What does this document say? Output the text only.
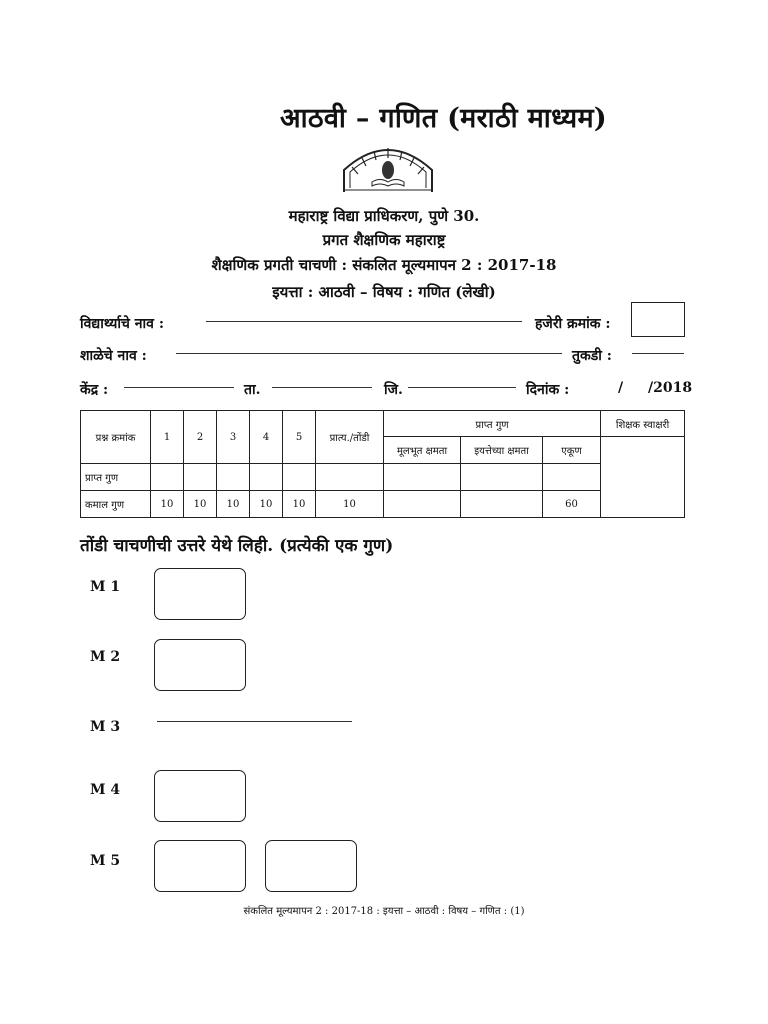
आठवी – गणित (मराठी माध्यम)
महाराष्ट्र विद्या प्राधिकरण, पुणे 30.
प्रगत शैक्षणिक महाराष्ट्र
शैक्षणिक प्रगती चाचणी : संकलित मूल्यमापन 2 : 2017-18
इयत्ता : आठवी – विषय : गणित (लेखी)
विद्यार्थ्याचे नाव :	हजेरी क्रमांक :
शाळेचे नाव :	तुकडी :
केंद्र :	ता.	जि.	दिनांक :	/ /2018
प्रश्न क्रमांक	1	2	3	4	5	प्रात्य./तोंडी	प्राप्त गुण			शिक्षक स्वाक्षरी
							मूलभूत क्षमता	इयत्तेच्या क्षमता	एकूण	
प्राप्त गुण										
कमाल गुण	10	10	10	10	10	10			60	
तोंडी चाचणीची उत्तरे येथे लिही. (प्रत्येकी एक गुण)
M 1
M 2
M 3
M 4
M 5
संकलित मूल्यमापन 2 : 2017-18 : इयत्ता – आठवी : विषय – गणित : (1)
